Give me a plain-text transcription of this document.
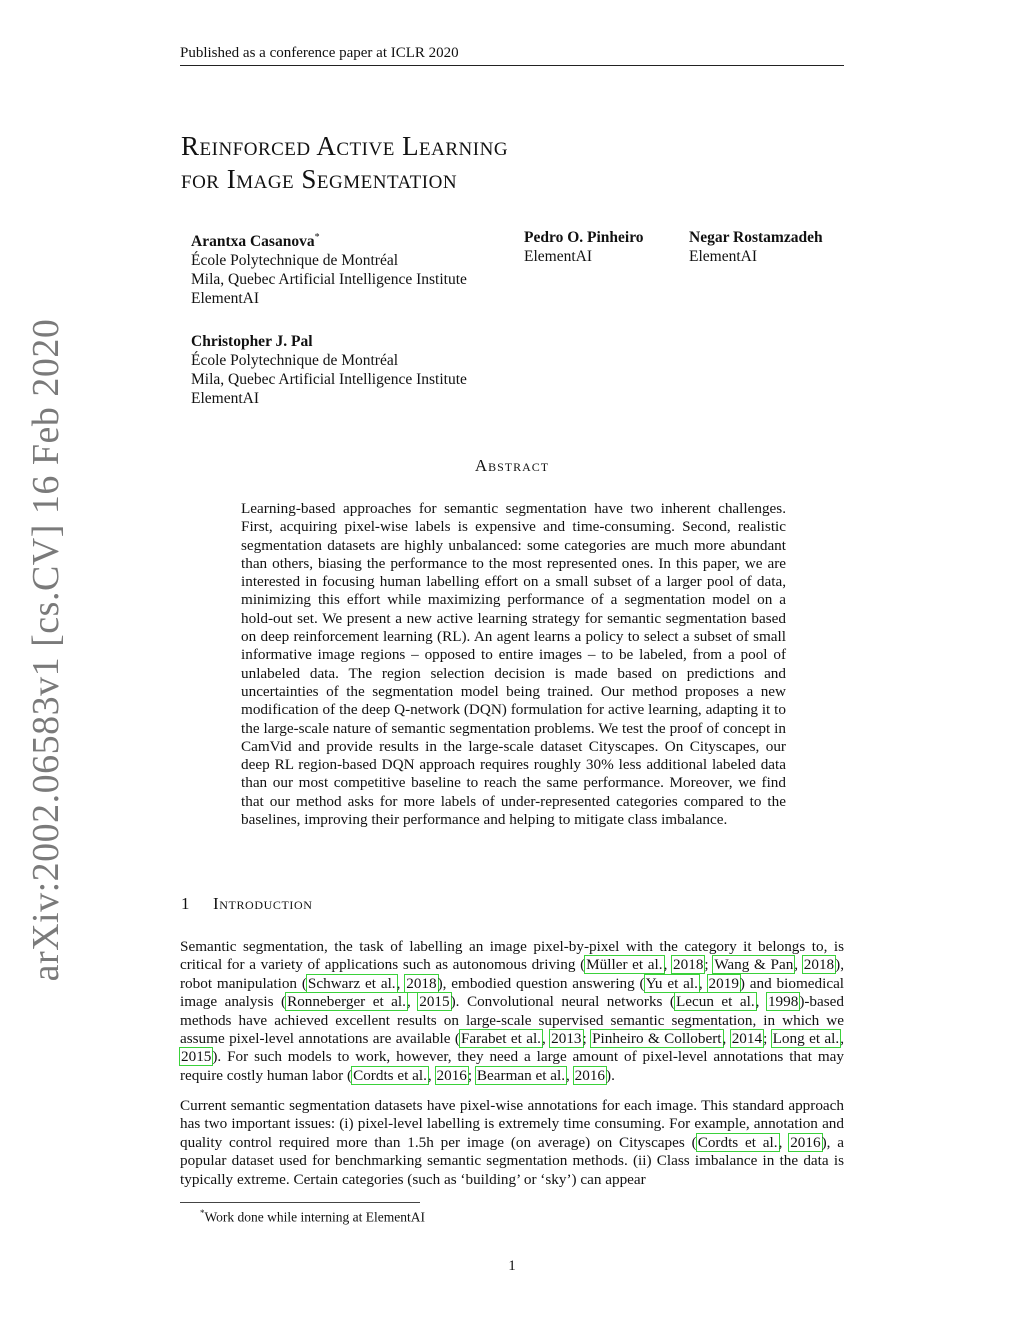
Published as a conference paper at ICLR 2020
Reinforced Active Learning
for Image Segmentation
Arantxa Casanova*
École Polytechnique de Montréal
Mila, Quebec Artificial Intelligence Institute
ElementAI
Pedro O. Pinheiro
ElementAI
Negar Rostamzadeh
ElementAI
Christopher J. Pal
École Polytechnique de Montréal
Mila, Quebec Artificial Intelligence Institute
ElementAI
Abstract
Learning-based approaches for semantic segmentation have two inherent challenges. First, acquiring pixel-wise labels is expensive and time-consuming. Second, realistic segmentation datasets are highly unbalanced: some categories are much more abundant than others, biasing the performance to the most represented ones. In this paper, we are interested in focusing human labelling effort on a small subset of a larger pool of data, minimizing this effort while maximizing performance of a segmentation model on a hold-out set. We present a new active learning strategy for semantic segmentation based on deep reinforcement learning (RL). An agent learns a policy to select a subset of small informative image regions – opposed to entire images – to be labeled, from a pool of unlabeled data. The region selection decision is made based on predictions and uncertainties of the segmentation model being trained. Our method proposes a new modification of the deep Q-network (DQN) formulation for active learning, adapting it to the large-scale nature of semantic segmentation problems. We test the proof of concept in CamVid and provide results in the large-scale dataset Cityscapes. On Cityscapes, our deep RL region-based DQN approach requires roughly 30% less additional labeled data than our most competitive baseline to reach the same performance. Moreover, we find that our method asks for more labels of under-represented categories compared to the baselines, improving their performance and helping to mitigate class imbalance.
1 Introduction
Semantic segmentation, the task of labelling an image pixel-by-pixel with the category it belongs to, is critical for a variety of applications such as autonomous driving (Müller et al., 2018; Wang & Pan, 2018), robot manipulation (Schwarz et al., 2018), embodied question answering (Yu et al., 2019) and biomedical image analysis (Ronneberger et al., 2015). Convolutional neural networks (Lecun et al., 1998)-based methods have achieved excellent results on large-scale supervised semantic segmentation, in which we assume pixel-level annotations are available (Farabet et al., 2013; Pinheiro & Collobert, 2014; Long et al., 2015). For such models to work, however, they need a large amount of pixel-level annotations that may require costly human labor (Cordts et al., 2016; Bearman et al., 2016).
Current semantic segmentation datasets have pixel-wise annotations for each image. This standard approach has two important issues: (i) pixel-level labelling is extremely time consuming. For example, annotation and quality control required more than 1.5h per image (on average) on Cityscapes (Cordts et al., 2016), a popular dataset used for benchmarking semantic segmentation methods. (ii) Class imbalance in the data is typically extreme. Certain categories (such as ‘building’ or ‘sky’) can appear
*Work done while interning at ElementAI
1
arXiv:2002.06583v1 [cs.CV] 16 Feb 2020
